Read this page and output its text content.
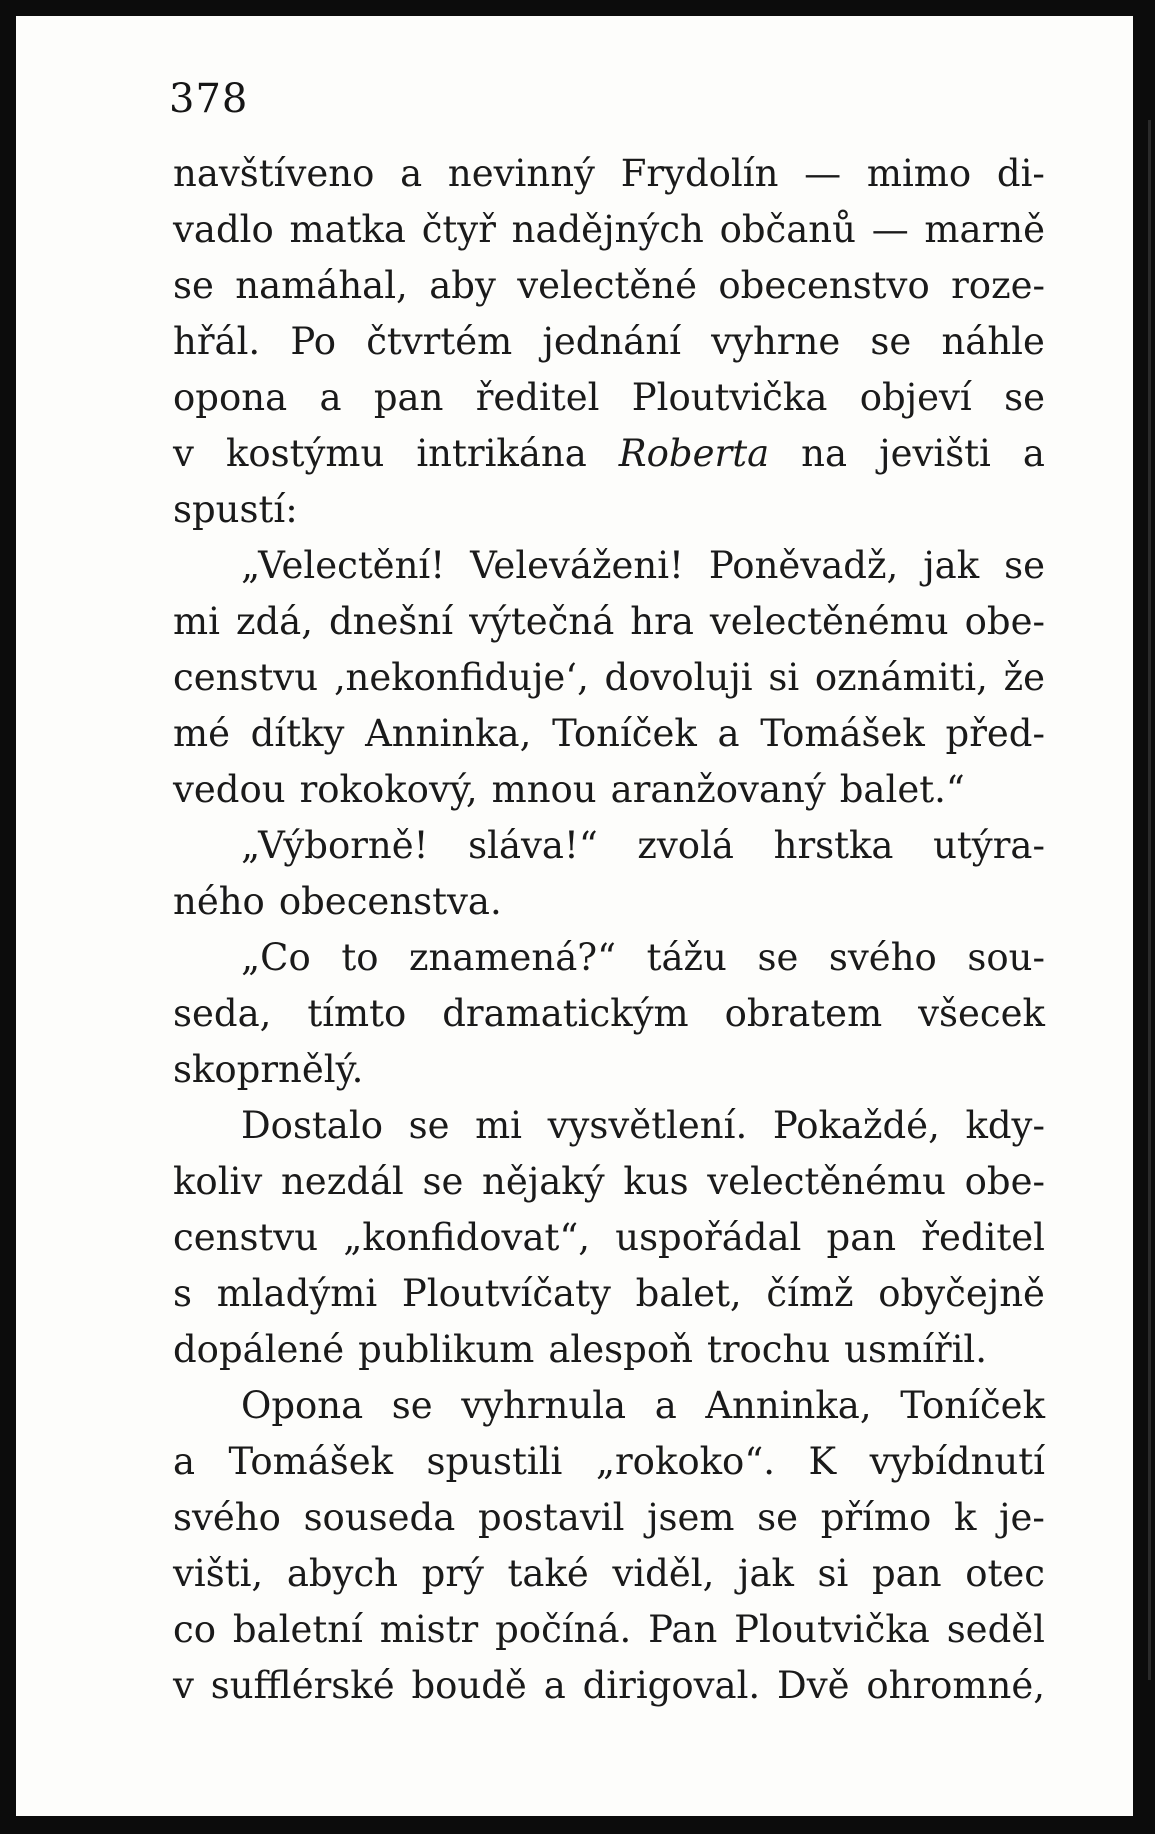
378
navštíveno a nevinný Frydolín — mimo di-
vadlo matka čtyř nadějných občanů — marně
se namáhal, aby velectěné obecenstvo roze-
hřál. Po čtvrtém jednání vyhrne se náhle
opona a pan ředitel Ploutvička objeví se
v kostýmu intrikána Roberta na jevišti a
spustí:
„Velectění! Veleváženi! Poněvadž, jak se
mi zdá, dnešní výtečná hra velectěnému obe-
censtvu ‚nekonfiduje‘, dovoluji si oznámiti, že
mé dítky Anninka, Toníček a Tomášek před-
vedou rokokový, mnou aranžovaný balet.“
„Výborně! sláva!“ zvolá hrstka utýra-
ného obecenstva.
„Co to znamená?“ tážu se svého sou-
seda, tímto dramatickým obratem všecek
skoprnělý.
Dostalo se mi vysvětlení. Pokaždé, kdy-
koliv nezdál se nějaký kus velectěnému obe-
censtvu „konfidovat“, uspořádal pan ředitel
s mladými Ploutvíčaty balet, čímž obyčejně
dopálené publikum alespoň trochu usmířil.
Opona se vyhrnula a Anninka, Toníček
a Tomášek spustili „rokoko“. K vybídnutí
svého souseda postavil jsem se přímo k je-
višti, abych prý také viděl, jak si pan otec
co baletní mistr počíná. Pan Ploutvička seděl
v sufflérské boudě a dirigoval. Dvě ohromné,
